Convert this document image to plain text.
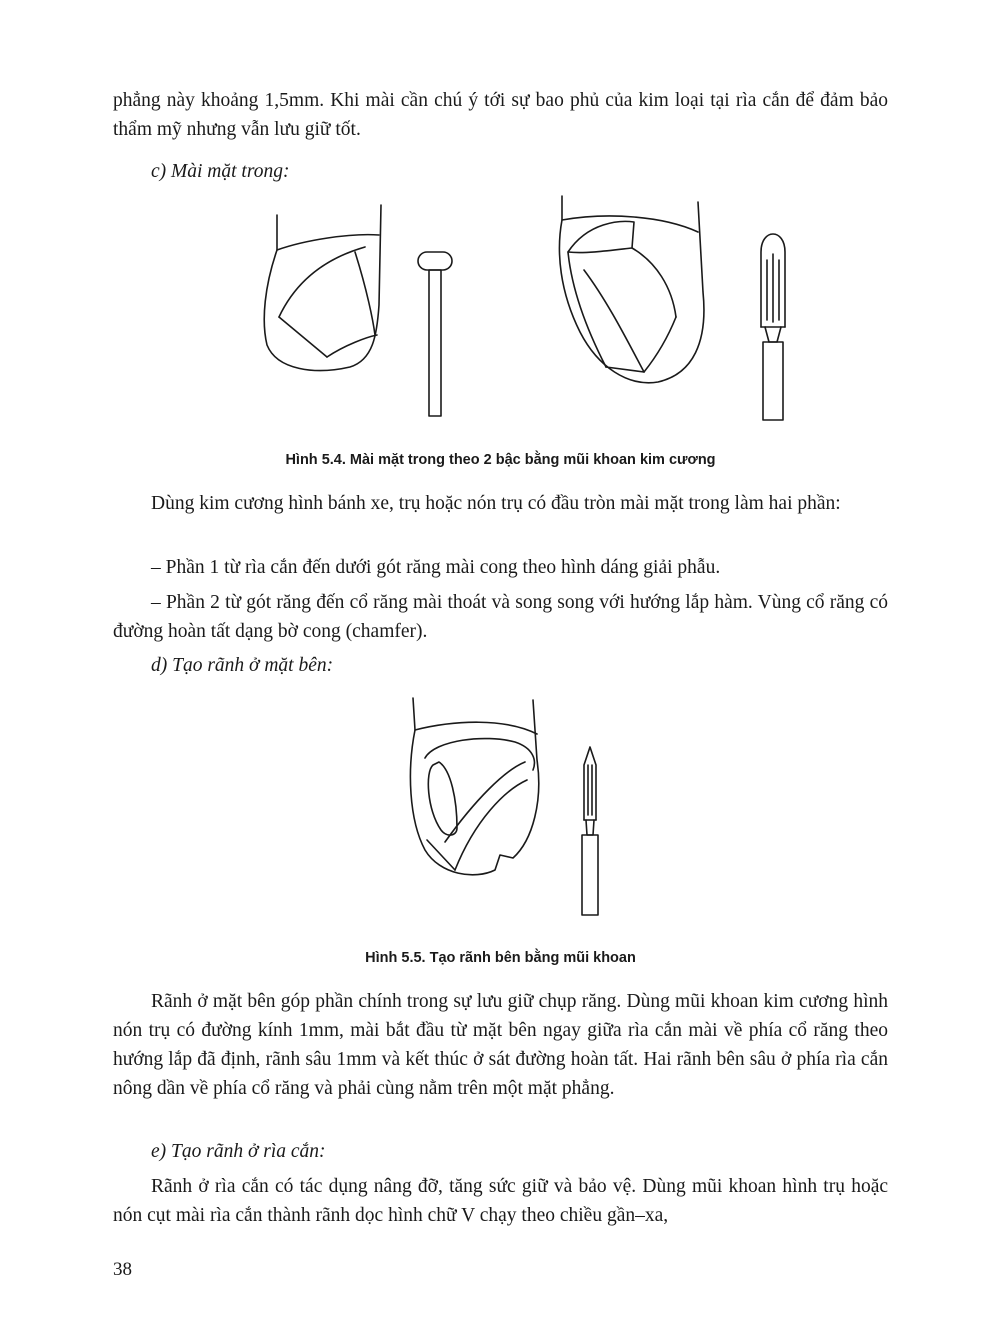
phẳng này khoảng 1,5mm. Khi mài cần chú ý tới sự bao phủ của kim loại tại rìa cắn để đảm bảo thẩm mỹ nhưng vẫn lưu giữ tốt.

c) Mài mặt trong:

Hình 5.4. Mài mặt trong theo 2 bậc bằng mũi khoan kim cương

Dùng kim cương hình bánh xe, trụ hoặc nón trụ có đầu tròn mài mặt trong làm hai phần:

– Phần 1 từ rìa cắn đến dưới gót răng mài cong theo hình dáng giải phẫu.

– Phần 2 từ gót răng đến cổ răng mài thoát và song song với hướng lắp hàm. Vùng cổ răng có đường hoàn tất dạng bờ cong (chamfer).

d) Tạo rãnh ở mặt bên:

Hình 5.5. Tạo rãnh bên bằng mũi khoan

Rãnh ở mặt bên góp phần chính trong sự lưu giữ chụp răng. Dùng mũi khoan kim cương hình nón trụ có đường kính 1mm, mài bắt đầu từ mặt bên ngay giữa rìa cắn mài về phía cổ răng theo hướng lắp đã định, rãnh sâu 1mm và kết thúc ở sát đường hoàn tất. Hai rãnh bên sâu ở phía rìa cắn nông dần về phía cổ răng và phải cùng nằm trên một mặt phẳng.

e) Tạo rãnh ở rìa cắn:

Rãnh ở rìa cắn có tác dụng nâng đỡ, tăng sức giữ và bảo vệ. Dùng mũi khoan hình trụ hoặc nón cụt mài rìa cắn thành rãnh dọc hình chữ V chạy theo chiều gần–xa,

38
